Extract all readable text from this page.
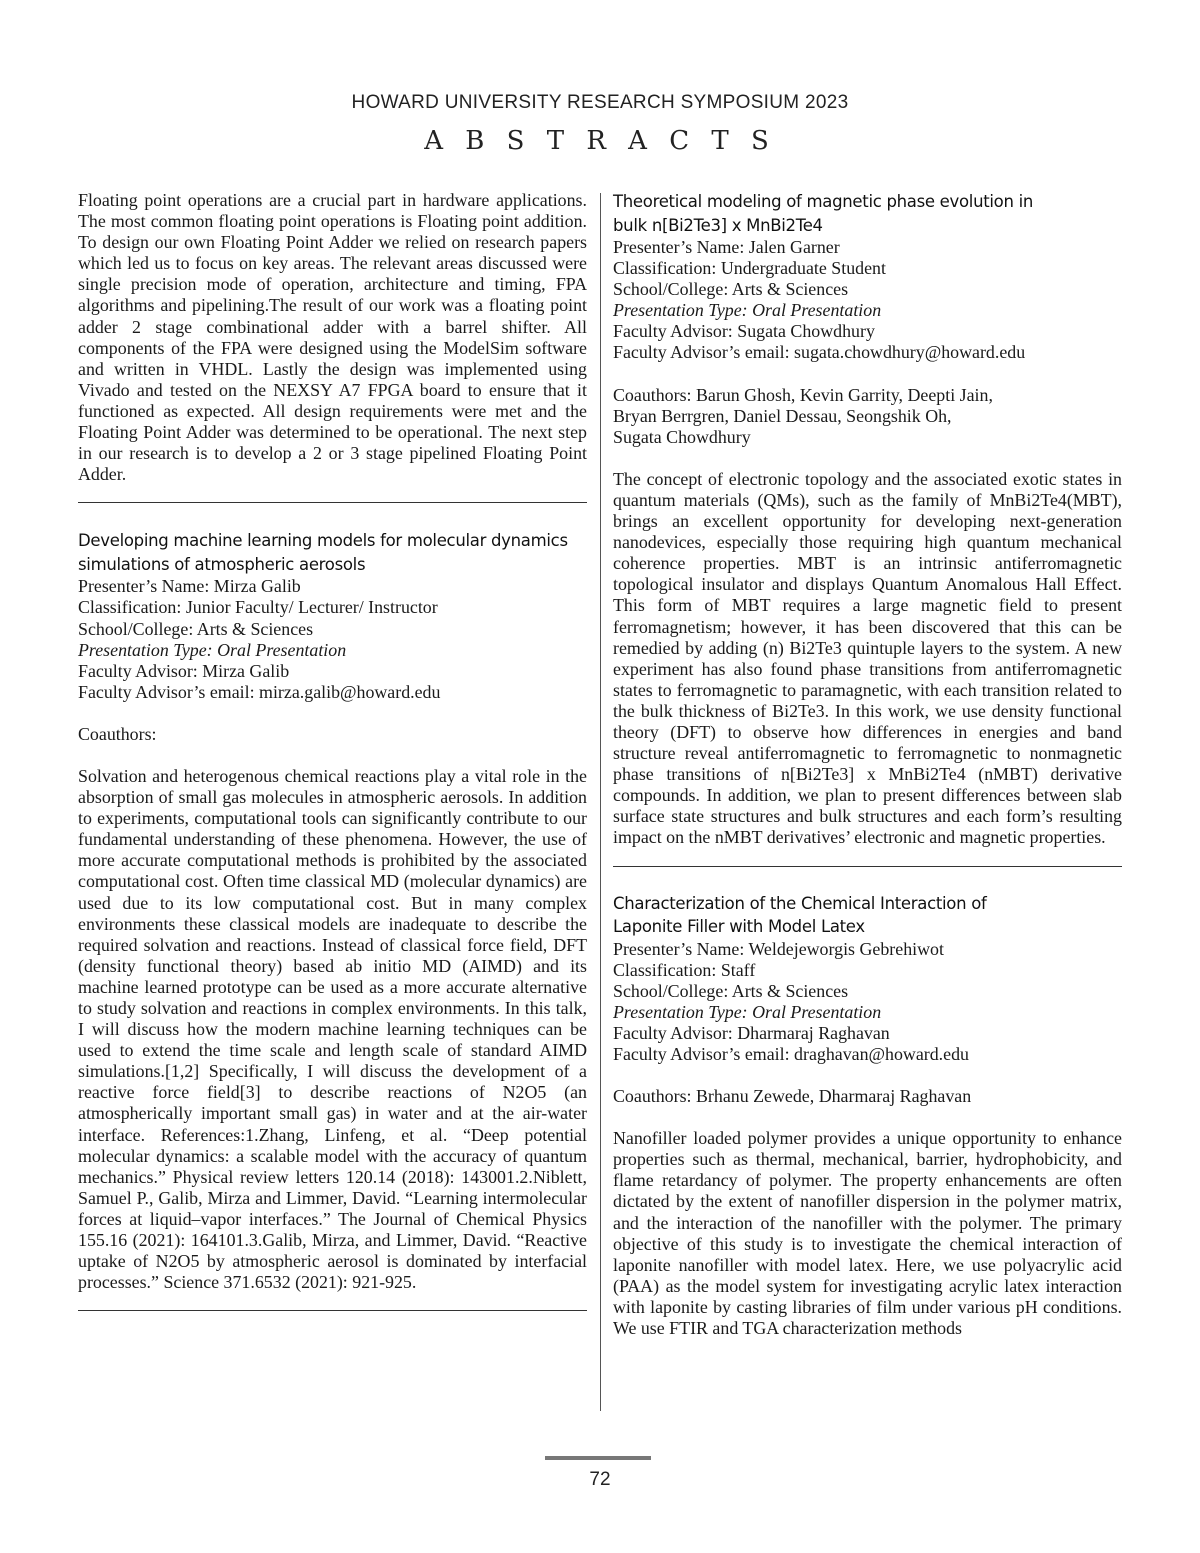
HOWARD UNIVERSITY RESEARCH SYMPOSIUM 2023
A B S T R A C T S

Floating point operations are a crucial part in hardware applications. The most common floating point operations is Floating point addition. To design our own Floating Point Adder we relied on research papers which led us to focus on key areas. The relevant areas discussed were single precision mode of operation, architecture and timing, FPA algorithms and pipelining.The result of our work was a floating point adder 2 stage combinational adder with a barrel shifter. All components of the FPA were designed using the ModelSim software and written in VHDL. Lastly the design was implemented using Vivado and tested on the NEXSY A7 FPGA board to ensure that it functioned as expected. All design requirements were met and the Floating Point Adder was determined to be operational. The next step in our research is to develop a 2 or 3 stage pipelined Floating Point Adder.

Developing machine learning models for molecular dynamics
simulations of atmospheric aerosols
Presenter’s Name: Mirza Galib
Classification: Junior Faculty/ Lecturer/ Instructor
School/College: Arts & Sciences
Presentation Type: Oral Presentation
Faculty Advisor: Mirza Galib
Faculty Advisor’s email: mirza.galib@howard.edu
Coauthors:

Solvation and heterogenous chemical reactions play a vital role in the absorption of small gas molecules in atmospheric aerosols. In addition to experiments, computational tools can significantly contribute to our fundamental understanding of these phenomena. However, the use of more accurate computational methods is prohibited by the associated computational cost. Often time classical MD (molecular dynamics) are used due to its low computational cost. But in many complex environments these classical models are inadequate to describe the required solvation and reactions. Instead of classical force field, DFT (density functional theory) based ab initio MD (AIMD) and its machine learned prototype can be used as a more accurate alternative to study solvation and reactions in complex environments. In this talk, I will discuss how the modern machine learning techniques can be used to extend the time scale and length scale of standard AIMD simulations.[1,2] Specifically, I will discuss the development of a reactive force field[3] to describe reactions of N2O5 (an atmospherically important small gas) in water and at the air-water interface. References:1.Zhang, Linfeng, et al. “Deep potential molecular dynamics: a scalable model with the accuracy of quantum mechanics.” Physical review letters 120.14 (2018): 143001.2.Niblett, Samuel P., Galib, Mirza and Limmer, David. “Learning intermolecular forces at liquid–vapor interfaces.” The Journal of Chemical Physics 155.16 (2021): 164101.3.Galib, Mirza, and Limmer, David. “Reactive uptake of N2O5 by atmospheric aerosol is dominated by interfacial processes.” Science 371.6532 (2021): 921-925.

Theoretical modeling of magnetic phase evolution in
bulk n[Bi2Te3] x MnBi2Te4
Presenter’s Name: Jalen Garner
Classification: Undergraduate Student
School/College: Arts & Sciences
Presentation Type: Oral Presentation
Faculty Advisor: Sugata Chowdhury
Faculty Advisor’s email: sugata.chowdhury@howard.edu
Coauthors: Barun Ghosh, Kevin Garrity, Deepti Jain,
Bryan Berrgren, Daniel Dessau, Seongshik Oh,
Sugata Chowdhury

The concept of electronic topology and the associated exotic states in quantum materials (QMs), such as the family of MnBi2Te4(MBT), brings an excellent opportunity for developing next-generation nanodevices, especially those requiring high quantum mechanical coherence properties. MBT is an intrinsic antiferromagnetic topological insulator and displays Quantum Anomalous Hall Effect. This form of MBT requires a large magnetic field to present ferromagnetism; however, it has been discovered that this can be remedied by adding (n) Bi2Te3 quintuple layers to the system. A new experiment has also found phase transitions from antiferromagnetic states to ferromagnetic to paramagnetic, with each transition related to the bulk thickness of Bi2Te3. In this work, we use density functional theory (DFT) to observe how differences in energies and band structure reveal antiferromagnetic to ferromagnetic to nonmagnetic phase transitions of n[Bi2Te3] x MnBi2Te4 (nMBT) derivative compounds. In addition, we plan to present differences between slab surface state structures and bulk structures and each form’s resulting impact on the nMBT derivatives’ electronic and magnetic properties.

Characterization of the Chemical Interaction of
Laponite Filler with Model Latex
Presenter’s Name: Weldejeworgis Gebrehiwot
Classification: Staff
School/College: Arts & Sciences
Presentation Type: Oral Presentation
Faculty Advisor: Dharmaraj Raghavan
Faculty Advisor’s email: draghavan@howard.edu
Coauthors: Brhanu Zewede, Dharmaraj Raghavan

Nanofiller loaded polymer provides a unique opportunity to enhance properties such as thermal, mechanical, barrier, hydrophobicity, and flame retardancy of polymer. The property enhancements are often dictated by the extent of nanofiller dispersion in the polymer matrix, and the interaction of the nanofiller with the polymer. The primary objective of this study is to investigate the chemical interaction of laponite nanofiller with model latex. Here, we use polyacrylic acid (PAA) as the model system for investigating acrylic latex interaction with laponite by casting libraries of film under various pH conditions. We use FTIR and TGA characterization methods

72
